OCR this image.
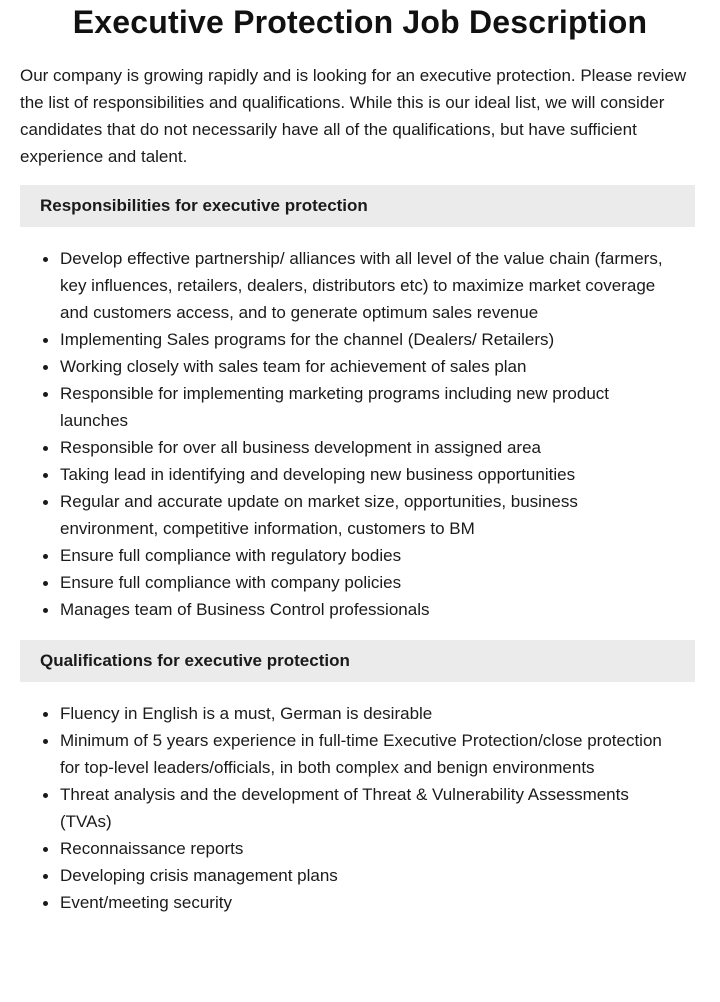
Executive Protection Job Description

Our company is growing rapidly and is looking for an executive protection. Please review the list of responsibilities and qualifications. While this is our ideal list, we will consider candidates that do not necessarily have all of the qualifications, but have sufficient experience and talent.

Responsibilities for executive protection
Develop effective partnership/ alliances with all level of the value chain (farmers, key influences, retailers, dealers, distributors etc) to maximize market coverage and customers access, and to generate optimum sales revenue
Implementing Sales programs for the channel (Dealers/ Retailers)
Working closely with sales team for achievement of sales plan
Responsible for implementing marketing programs including new product launches
Responsible for over all business development in assigned area
Taking lead in identifying and developing new business opportunities
Regular and accurate update on market size, opportunities, business environment, competitive information, customers to BM
Ensure full compliance with regulatory bodies
Ensure full compliance with company policies
Manages team of Business Control professionals
Qualifications for executive protection
Fluency in English is a must, German is desirable
Minimum of 5 years experience in full-time Executive Protection/close protection for top-level leaders/officials, in both complex and benign environments
Threat analysis and the development of Threat & Vulnerability Assessments (TVAs)
Reconnaissance reports
Developing crisis management plans
Event/meeting security
